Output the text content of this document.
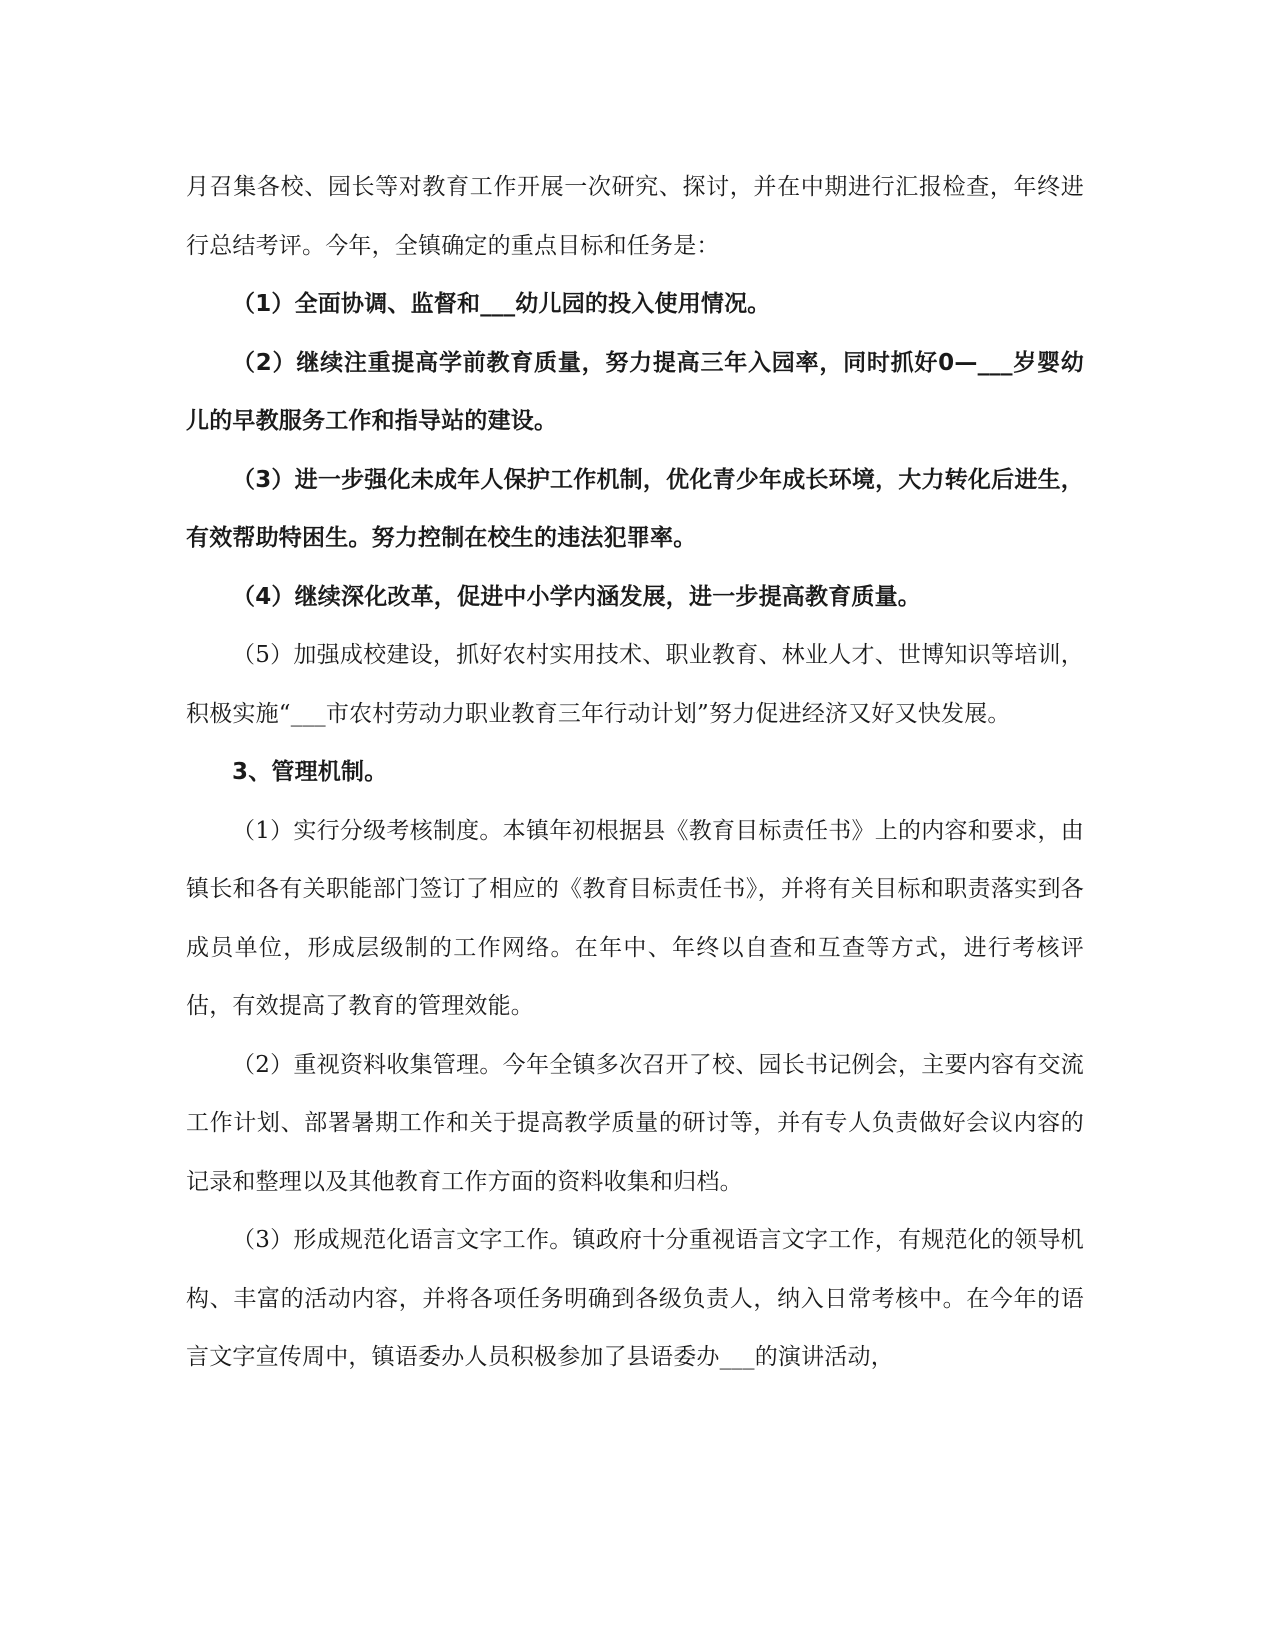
月召集各校、园长等对教育工作开展一次研究、探讨，并在中期进行汇报检查，年终进行总结考评。今年，全镇确定的重点目标和任务是：

（1）全面协调、监督和___幼儿园的投入使用情况。

（2）继续注重提高学前教育质量，努力提高三年入园率，同时抓好0—___岁婴幼儿的早教服务工作和指导站的建设。

（3）进一步强化未成年人保护工作机制，优化青少年成长环境，大力转化后进生，有效帮助特困生。努力控制在校生的违法犯罪率。

（4）继续深化改革，促进中小学内涵发展，进一步提高教育质量。

（5）加强成校建设，抓好农村实用技术、职业教育、林业人才、世博知识等培训，积极实施“___市农村劳动力职业教育三年行动计划”努力促进经济又好又快发展。

3、管理机制。

（1）实行分级考核制度。本镇年初根据县《教育目标责任书》上的内容和要求，由镇长和各有关职能部门签订了相应的《教育目标责任书》，并将有关目标和职责落实到各成员单位，形成层级制的工作网络。在年中、年终以自查和互查等方式，进行考核评估，有效提高了教育的管理效能。

（2）重视资料收集管理。今年全镇多次召开了校、园长书记例会，主要内容有交流工作计划、部署暑期工作和关于提高教学质量的研讨等，并有专人负责做好会议内容的记录和整理以及其他教育工作方面的资料收集和归档。

（3）形成规范化语言文字工作。镇政府十分重视语言文字工作，有规范化的领导机构、丰富的活动内容，并将各项任务明确到各级负责人，纳入日常考核中。在今年的语言文字宣传周中，镇语委办人员积极参加了县语委办___的演讲活动，
